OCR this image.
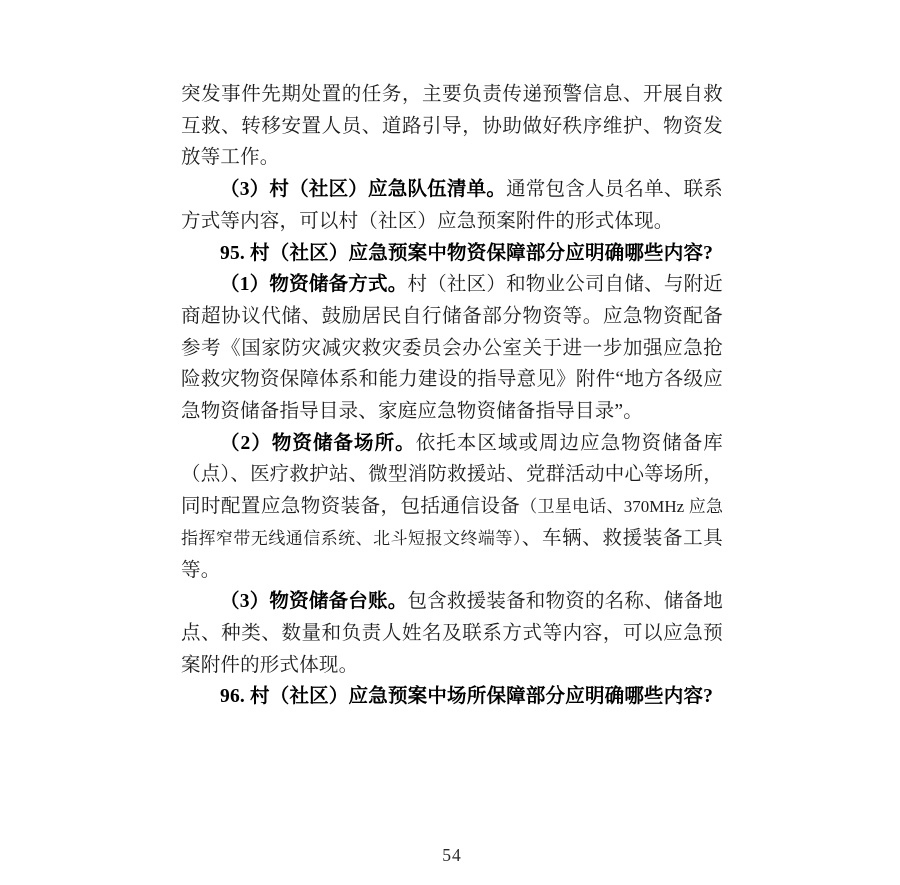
突发事件先期处置的任务，主要负责传递预警信息、开展自救互救、转移安置人员、道路引导，协助做好秩序维护、物资发放等工作。

（3）村（社区）应急队伍清单。通常包含人员名单、联系方式等内容，可以村（社区）应急预案附件的形式体现。

95. 村（社区）应急预案中物资保障部分应明确哪些内容?

（1）物资储备方式。村（社区）和物业公司自储、与附近商超协议代储、鼓励居民自行储备部分物资等。应急物资配备参考《国家防灾减灾救灾委员会办公室关于进一步加强应急抢险救灾物资保障体系和能力建设的指导意见》附件“地方各级应急物资储备指导目录、家庭应急物资储备指导目录”。

（2）物资储备场所。依托本区域或周边应急物资储备库（点）、医疗救护站、微型消防救援站、党群活动中心等场所，同时配置应急物资装备，包括通信设备（卫星电话、370MHz 应急指挥窄带无线通信系统、北斗短报文终端等）、车辆、救援装备工具等。

（3）物资储备台账。包含救援装备和物资的名称、储备地点、种类、数量和负责人姓名及联系方式等内容，可以应急预案附件的形式体现。

96. 村（社区）应急预案中场所保障部分应明确哪些内容?

54
